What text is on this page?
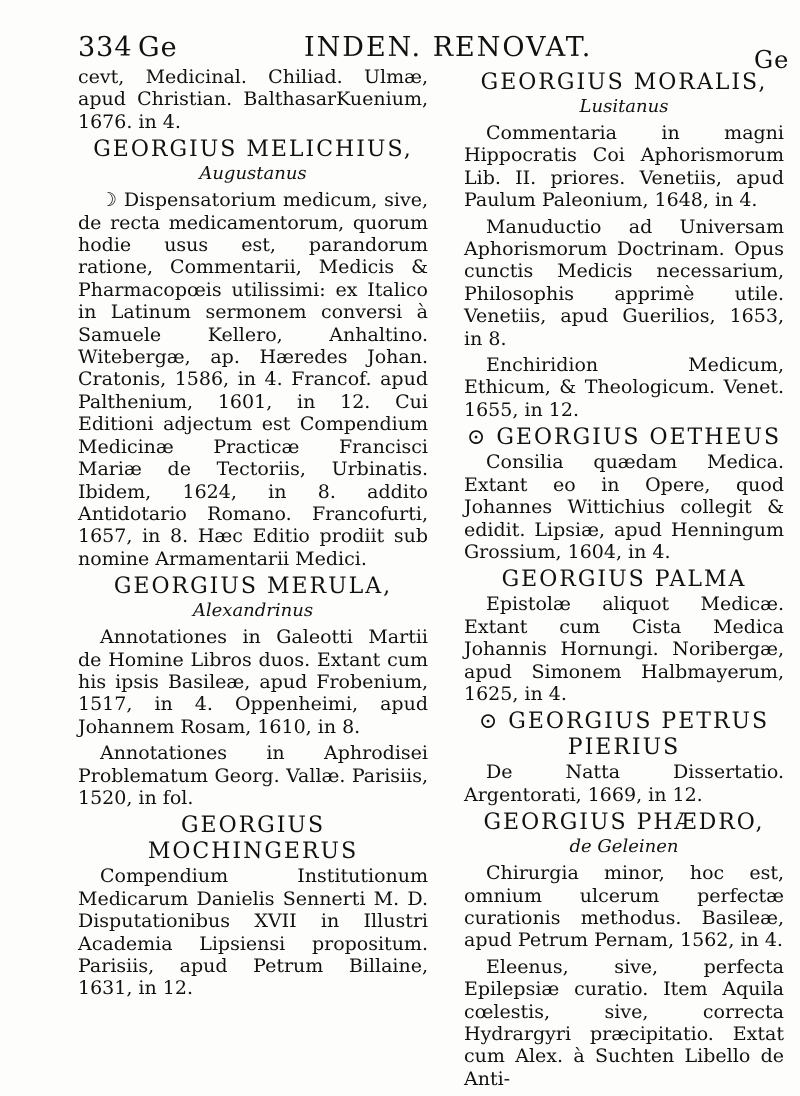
334 Ge	INDEN. RENOVAT.	Ge

cevt, Medicinal. Chiliad. Ulmæ, apud Christian. BalthasarKuenium, 1676. in 4.

GEORGIUS MELICHIUS,

Augustanus

☽ Dispensatorium medicum, sive, de recta medicamentorum, quorum hodie usus est, parandorum ratione, Commentarii, Medicis & Pharmacopœis utilissimi: ex Italico in Latinum sermonem conversi à Samuele Kellero, Anhaltino. Witebergæ, ap. Hæredes Johan. Cratonis, 1586, in 4. Francof. apud Palthenium, 1601, in 12. Cui Editioni adjectum est Compendium Medicinæ Practicæ Francisci Mariæ de Tectoriis, Urbinatis. Ibidem, 1624, in 8. addito Antidotario Romano. Francofurti, 1657, in 8. Hæc Editio prodiit sub nomine Armamentarii Medici.

GEORGIUS MERULA,

Alexandrinus

Annotationes in Galeotti Martii de Homine Libros duos. Extant cum his ipsis Basileæ, apud Frobenium, 1517, in 4. Oppenheimi, apud Johannem Rosam, 1610, in 8.

Annotationes in Aphrodisei Problematum Georg. Vallæ. Parisiis, 1520, in fol.

GEORGIUS MOCHINGERUS

Compendium Institutionum Medicarum Danielis Sennerti M. D. Disputationibus XVII in Illustri Academia Lipsiensi propositum. Parisiis, apud Petrum Billaine, 1631, in 12.

GEORGIUS MORALIS,

Lusitanus

Commentaria in magni Hippocratis Coi Aphorismorum Lib. II. priores. Venetiis, apud Paulum Paleonium, 1648, in 4.

Manuductio ad Universam Aphorismorum Doctrinam. Opus cunctis Medicis necessarium, Philosophis apprimè utile. Venetiis, apud Guerilios, 1653, in 8.

Enchiridion Medicum, Ethicum, & Theologicum. Venet. 1655, in 12.

⊙ GEORGIUS OETHEUS

Consilia quædam Medica. Extant eo in Opere, quod Johannes Wittichius collegit & edidit. Lipsiæ, apud Henningum Grossium, 1604, in 4.

GEORGIUS PALMA

Epistolæ aliquot Medicæ. Extant cum Cista Medica Johannis Hornungi. Noribergæ, apud Simonem Halbmayerum, 1625, in 4.

⊙ GEORGIUS PETRUS PIERIUS

De Natta Dissertatio. Argentorati, 1669, in 12.

GEORGIUS PHÆDRO,

de Geleinen

Chirurgia minor, hoc est, omnium ulcerum perfectæ curationis methodus. Basileæ, apud Petrum Pernam, 1562, in 4.

Eleenus, sive, perfecta Epilepsiæ curatio. Item Aquila cœlestis, sive, correcta Hydrargyri præcipitatio. Extat cum Alex. à Suchten Libello de Anti-
